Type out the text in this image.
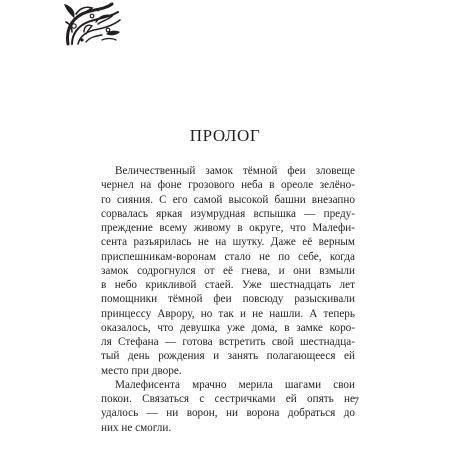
ПРОЛОГ
Величественный замок тёмной феи зловеще
чернел на фоне грозового неба в ореоле зелёно-
го сияния. С его самой высокой башни внезапно
сорвалась яркая изумрудная вспышка — преду-
преждение всему живому в округе, что Малефи-
сента разъярилась не на шутку. Даже её верным
приспешникам-воронам стало не по себе, когда
замок содрогнулся от её гнева, и они взмыли
в небо крикливой стаей. Уже шестнадцать лет
помощники тёмной феи повсюду разыскивали
принцессу Аврору, но так и не нашли. А теперь
оказалось, что девушка уже дома, в замке коро-
ля Стефана — готова встретить свой шестнадца-
тый день рождения и занять полагающееся ей
место при дворе.
Малефисента мрачно мерила шагами свои
покои. Связаться с сестричками ей опять не
удалось — ни ворон, ни ворона добраться до
них не смогли.
7
